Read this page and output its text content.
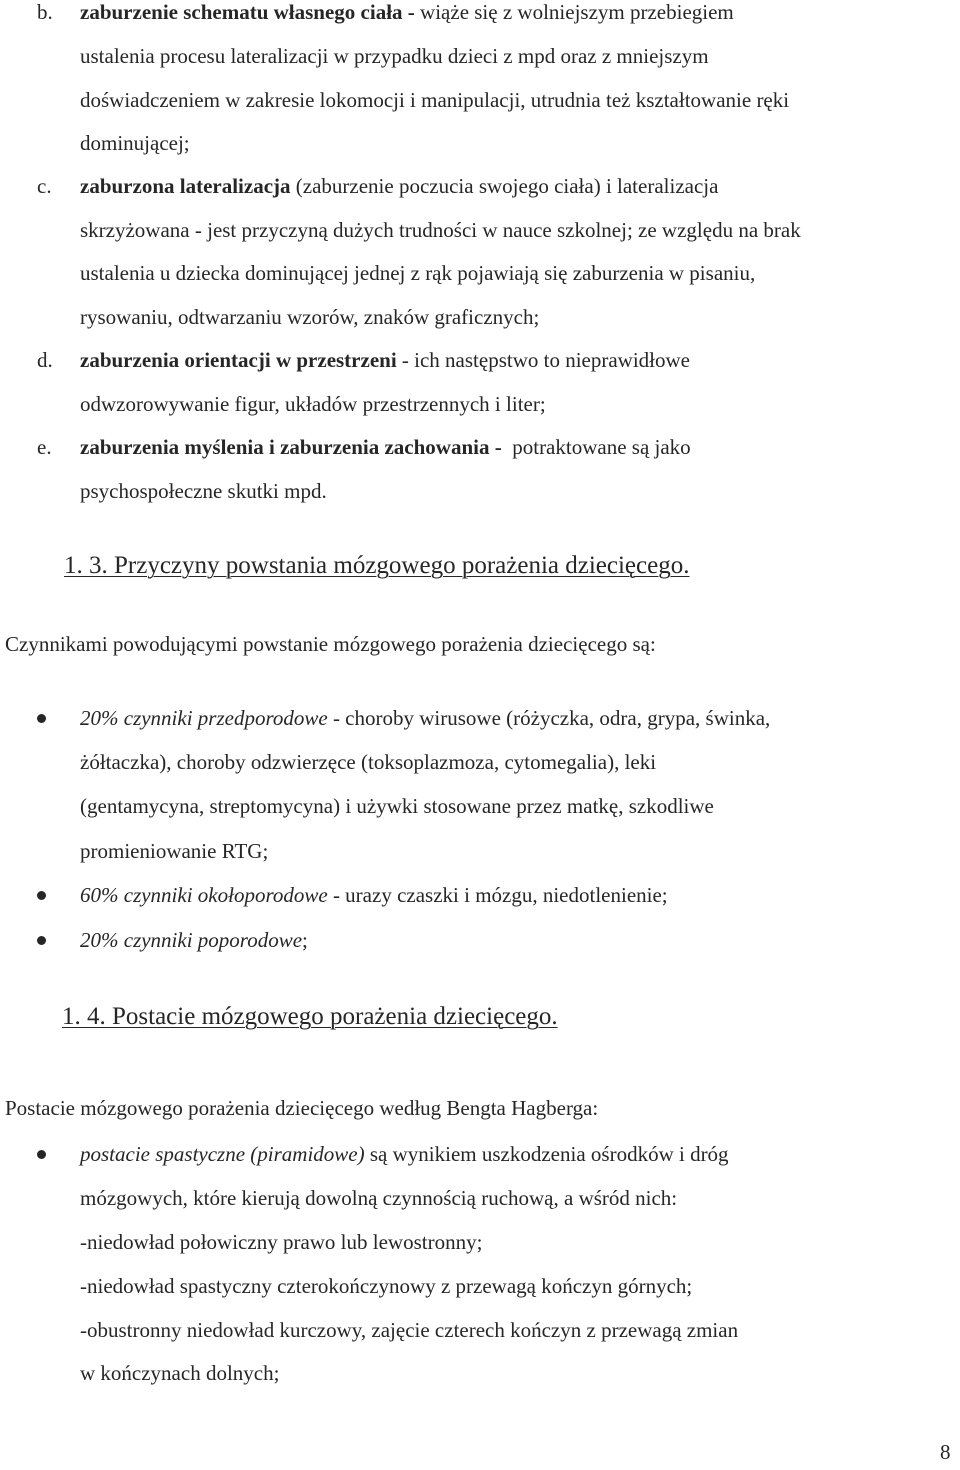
b. zaburzenie schematu własnego ciała - wiąże się z wolniejszym przebiegiem
ustalenia procesu lateralizacji w przypadku dzieci z mpd oraz z mniejszym
doświadczeniem w zakresie lokomocji i manipulacji, utrudnia też kształtowanie ręki
dominującej;
c. zaburzona lateralizacja (zaburzenie poczucia swojego ciała) i lateralizacja
skrzyżowana - jest przyczyną dużych trudności w nauce szkolnej; ze względu na brak
ustalenia u dziecka dominującej jednej z rąk pojawiają się zaburzenia w pisaniu,
rysowaniu, odtwarzaniu wzorów, znaków graficznych;
d. zaburzenia orientacji w przestrzeni - ich następstwo to nieprawidłowe
odwzorowywanie figur, układów przestrzennych i liter;
e. zaburzenia myślenia i zaburzenia zachowania -  potraktowane są jako
psychospołeczne skutki mpd.
1. 3. Przyczyny powstania mózgowego porażenia dziecięcego.
Czynnikami powodującymi powstanie mózgowego porażenia dziecięcego są:
20% czynniki przedporodowe - choroby wirusowe (różyczka, odra, grypa, świnka,
żółtaczka), choroby odzwierzęce (toksoplazmoza, cytomegalia), leki
(gentamycyna, streptomycyna) i używki stosowane przez matkę, szkodliwe
promieniowanie RTG;
60% czynniki okołoporodowe - urazy czaszki i mózgu, niedotlenienie;
20% czynniki poporodowe;
1. 4. Postacie mózgowego porażenia dziecięcego.
Postacie mózgowego porażenia dziecięcego według Bengta Hagberga:
postacie spastyczne (piramidowe) są wynikiem uszkodzenia ośrodków i dróg
mózgowych, które kierują dowolną czynnością ruchową, a wśród nich:
-niedowład połowiczny prawo lub lewostronny;
-niedowład spastyczny czterokończynowy z przewagą kończyn górnych;
-obustronny niedowład kurczowy, zajęcie czterech kończyn z przewagą zmian
w kończynach dolnych;
8
